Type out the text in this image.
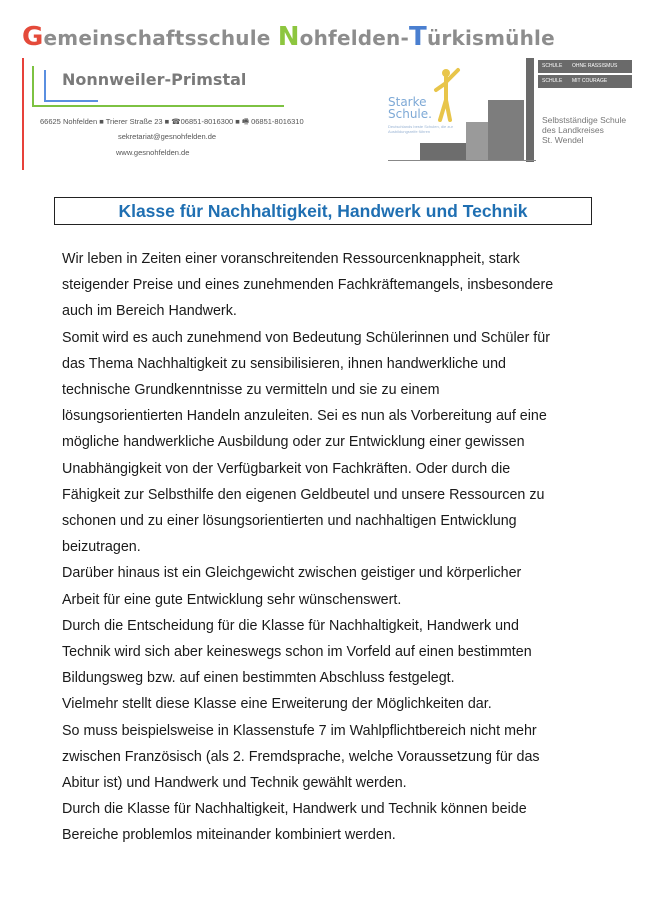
Gemeinschaftsschule Nohfelden-Türkismühle
Nonnweiler-Primstal
66625 Nohfelden ■ Trierer Straße 23 ■ ☎06851-8016300 ■ 🖷 06851-8016310
sekretariat@gesnohfelden.de
www.gesnohfelden.de
Starke
Schule.
Deutschlands beste Schulen, die zur Ausbildungsreife führen
SCHULE OHNE RASSISMUS
SCHULE MIT COURAGE
Selbstständige Schule
des Landkreises
St. Wendel
Klasse für Nachhaltigkeit, Handwerk und Technik
Wir leben in Zeiten einer voranschreitenden Ressourcenknappheit, stark
steigender Preise und eines zunehmenden Fachkräftemangels, insbesondere
auch im Bereich Handwerk.
Somit wird es auch zunehmend von Bedeutung Schülerinnen und Schüler für
das Thema Nachhaltigkeit zu sensibilisieren, ihnen handwerkliche und
technische Grundkenntnisse zu vermitteln und sie zu einem
lösungsorientierten Handeln anzuleiten. Sei es nun als Vorbereitung auf eine
mögliche handwerkliche Ausbildung oder zur Entwicklung einer gewissen
Unabhängigkeit von der Verfügbarkeit von Fachkräften. Oder durch die
Fähigkeit zur Selbsthilfe den eigenen Geldbeutel und unsere Ressourcen zu
schonen und zu einer lösungsorientierten und nachhaltigen Entwicklung
beizutragen.
Darüber hinaus ist ein Gleichgewicht zwischen geistiger und körperlicher
Arbeit für eine gute Entwicklung sehr wünschenswert.
Durch die Entscheidung für die Klasse für Nachhaltigkeit, Handwerk und
Technik wird sich aber keineswegs schon im Vorfeld auf einen bestimmten
Bildungsweg bzw. auf einen bestimmten Abschluss festgelegt.
Vielmehr stellt diese Klasse eine Erweiterung der Möglichkeiten dar.
So muss beispielsweise in Klassenstufe 7 im Wahlpflichtbereich nicht mehr
zwischen Französisch (als 2. Fremdsprache, welche Voraussetzung für das
Abitur ist) und Handwerk und Technik gewählt werden.
Durch die Klasse für Nachhaltigkeit, Handwerk und Technik können beide
Bereiche problemlos miteinander kombiniert werden.
